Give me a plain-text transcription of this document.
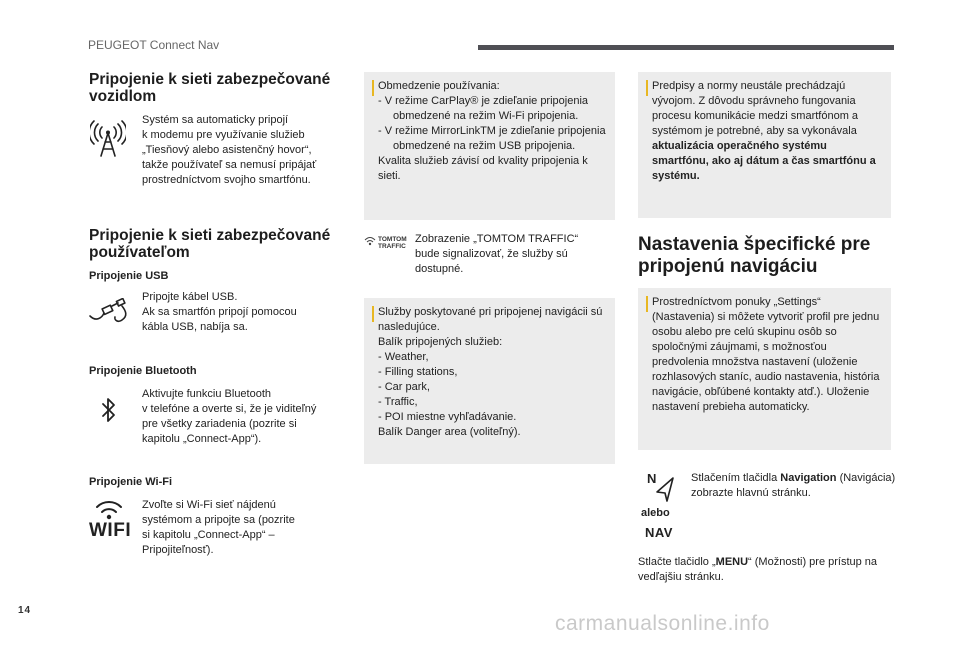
PEUGEOT Connect Nav
Pripojenie k sieti zabezpečované
vozidlom
Systém sa automaticky pripojí
k modemu pre využívanie služieb
„Tiesňový alebo asistenčný hovor“,
takže používateľ sa nemusí pripájať
prostredníctvom svojho smartfónu.
Pripojenie k sieti zabezpečované
používateľom
Pripojenie USB
Pripojte kábel USB.
Ak sa smartfón pripojí pomocou
kábla USB, nabíja sa.
Pripojenie Bluetooth
Aktivujte funkciu Bluetooth
v telefóne a overte si, že je viditeľný
pre všetky zariadenia (pozrite si
kapitolu „Connect-App“).
Pripojenie Wi-Fi
WIFI
Zvoľte si Wi-Fi sieť nájdenú
systémom a pripojte sa (pozrite
si kapitolu „Connect-App“ –
Pripojiteľnosť).
Obmedzenie používania:
- V režime CarPlay® je zdieľanie pripojenia obmedzené na režim Wi-Fi pripojenia.
- V režime MirrorLinkTM je zdieľanie pripojenia obmedzené na režim USB pripojenia.
Kvalita služieb závisí od kvality pripojenia k sieti.
TOMTOM
TRAFFIC
Zobrazenie „TOMTOM TRAFFIC“
bude signalizovať, že služby sú
dostupné.
Služby poskytované pri pripojenej navigácii sú nasledujúce.
Balík pripojených služieb:
- Weather,
- Filling stations,
- Car park,
- Traffic,
- POI miestne vyhľadávanie.
Balík Danger area (voliteľný).
Predpisy a normy neustále prechádzajú vývojom. Z dôvodu správneho fungovania procesu komunikácie medzi smartfónom a systémom je potrebné, aby sa vykonávala aktualizácia operačného systému smartfónu, ako aj dátum a čas smartfónu a systému.
Nastavenia špecifické pre
pripojenú navigáciu
Prostredníctvom ponuky „Settings“ (Nastavenia) si môžete vytvoriť profil pre jednu osobu alebo pre celú skupinu osôb so spoločnými záujmami, s možnosťou predvolenia množstva nastavení (uloženie rozhlasových staníc, audio nastavenia, história navigácie, obľúbené kontakty atď.). Uloženie nastavení prebieha automaticky.
N
alebo
NAV
Stlačením tlačidla Navigation (Navigácia) zobrazte hlavnú stránku.
Stlačte tlačidlo „MENU“ (Možnosti) pre prístup na vedľajšiu stránku.
14
carmanualsonline.info
